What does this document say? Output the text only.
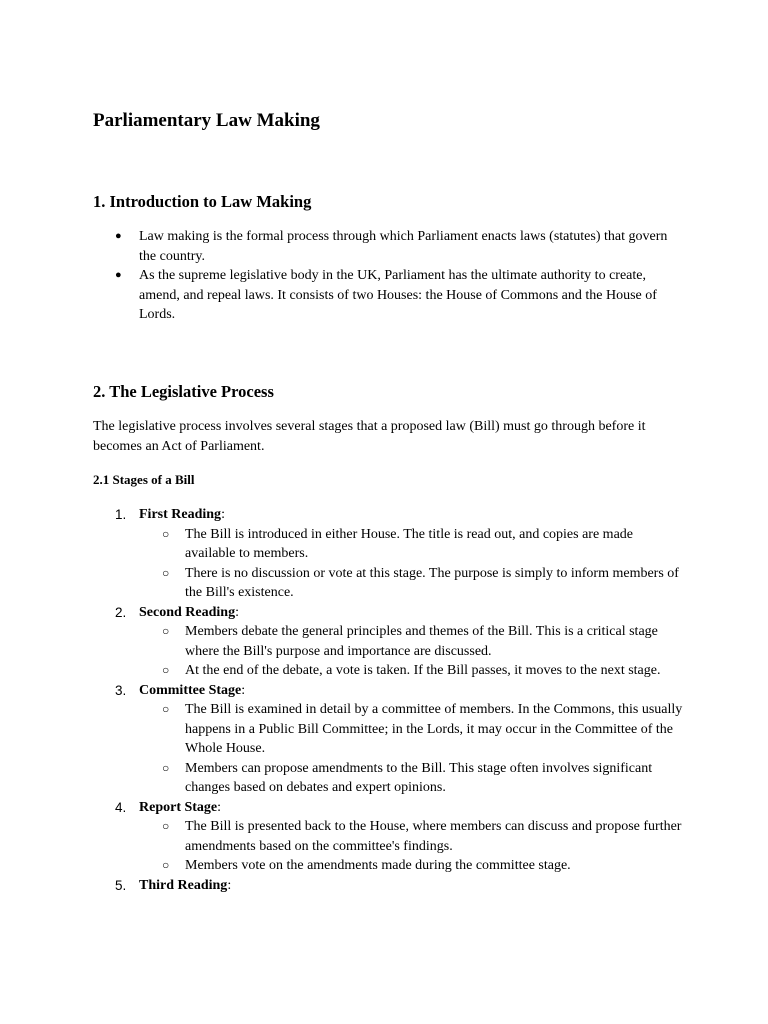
Parliamentary Law Making
1. Introduction to Law Making
● Law making is the formal process through which Parliament enacts laws (statutes) that govern the country.
● As the supreme legislative body in the UK, Parliament has the ultimate authority to create, amend, and repeal laws. It consists of two Houses: the House of Commons and the House of Lords.
2. The Legislative Process
The legislative process involves several stages that a proposed law (Bill) must go through before it becomes an Act of Parliament.
2.1 Stages of a Bill
1. First Reading:
○ The Bill is introduced in either House. The title is read out, and copies are made available to members.
○ There is no discussion or vote at this stage. The purpose is simply to inform members of the Bill's existence.
2. Second Reading:
○ Members debate the general principles and themes of the Bill. This is a critical stage where the Bill's purpose and importance are discussed.
○ At the end of the debate, a vote is taken. If the Bill passes, it moves to the next stage.
3. Committee Stage:
○ The Bill is examined in detail by a committee of members. In the Commons, this usually happens in a Public Bill Committee; in the Lords, it may occur in the Committee of the Whole House.
○ Members can propose amendments to the Bill. This stage often involves significant changes based on debates and expert opinions.
4. Report Stage:
○ The Bill is presented back to the House, where members can discuss and propose further amendments based on the committee's findings.
○ Members vote on the amendments made during the committee stage.
5. Third Reading:
